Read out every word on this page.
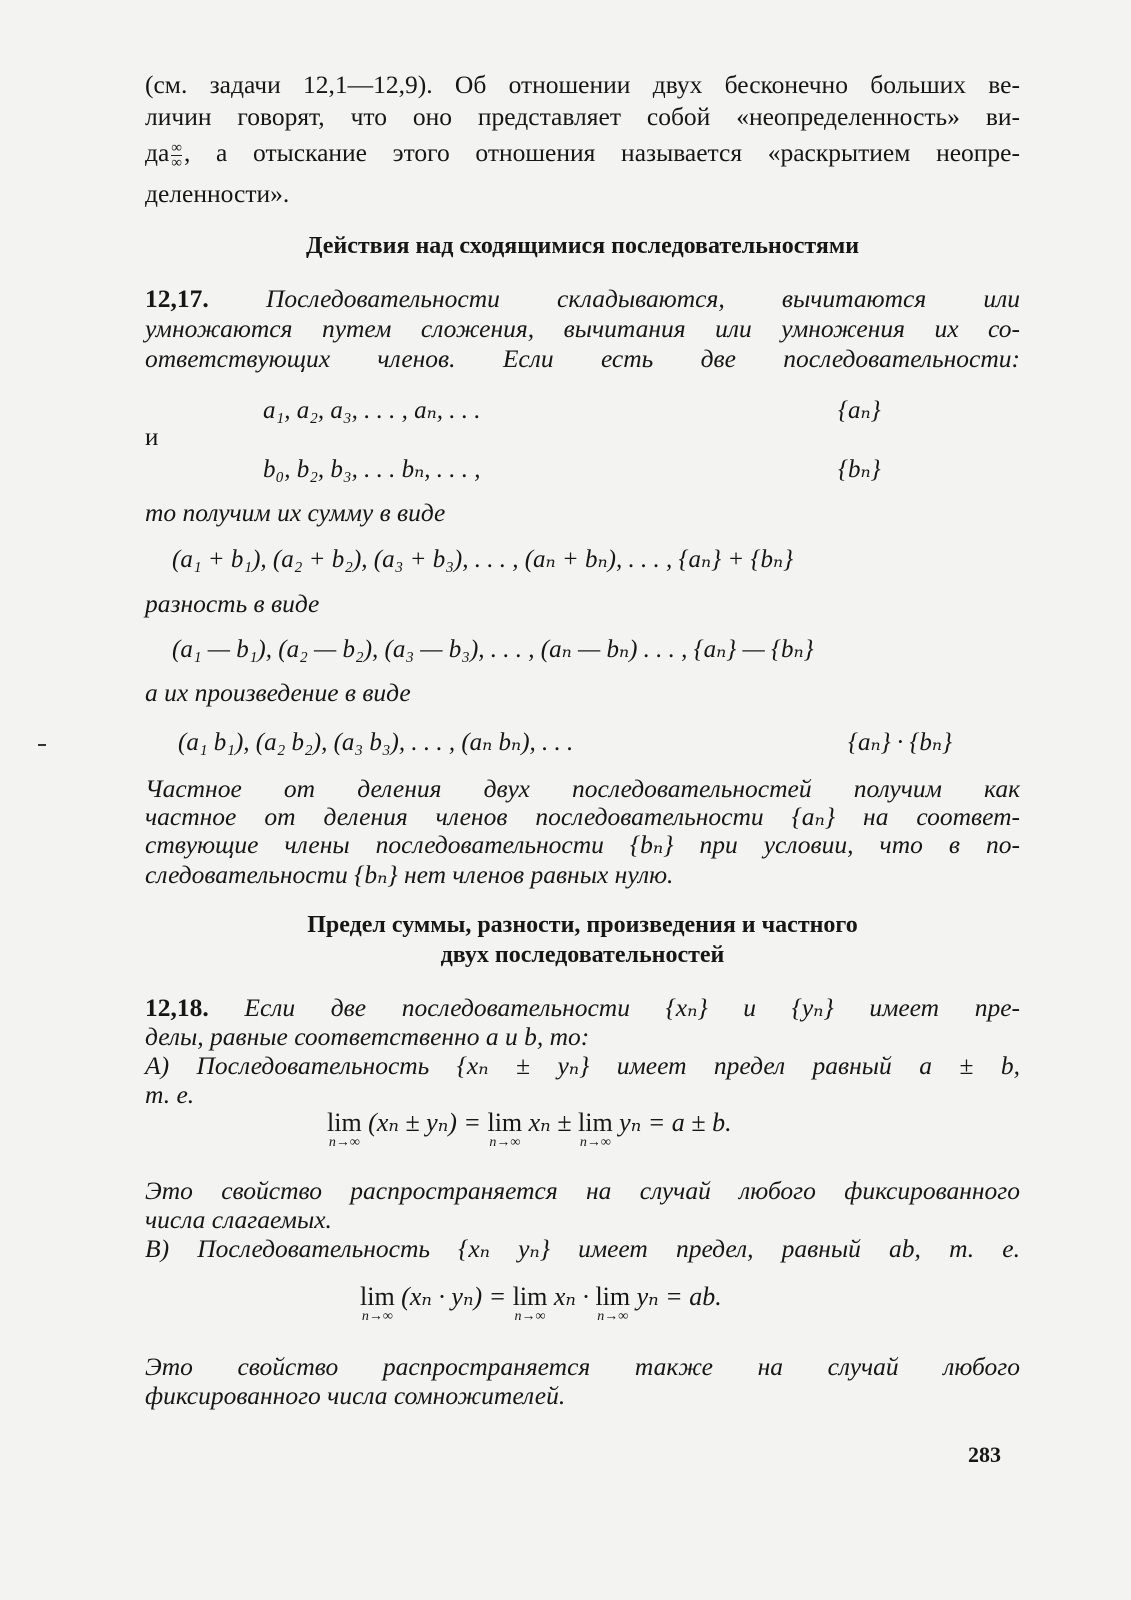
(см. задачи 12,1—12,9). Об отношении двух бесконечно больших ве-
личин говорят, что оно представляет собой «неопределенность» ви-
да $\frac{\infty}{\infty}$ , а отыскание этого отношения называется «раскрытием неопре-
деленности».
Действия над сходящимися последовательностями
12,17. Последовательности складываются, вычитаются или
умножаются путем сложения, вычитания или умножения их со-
ответствующих членов. Если есть две последовательности:
a₁, a₂, a₃, . . . , aₙ, . . .	{aₙ}
и
b₀, b₂, b₃, . . . bₙ, . . . ,	{bₙ}
то получим их сумму в виде
(a₁ + b₁), (a₂ + b₂), (a₃ + b₃), . . . , (aₙ + bₙ), . . . , {aₙ} + {bₙ}
разность в виде
(a₁ — b₁), (a₂ — b₂), (a₃ — b₃), . . . , (aₙ — bₙ) . . . , {aₙ} — {bₙ}
а их произведение в виде
(a₁ b₁), (a₂ b₂), (a₃ b₃), . . . , (aₙ bₙ), . . .	{aₙ} · {bₙ}
Частное от деления двух последовательностей получим как
частное от деления членов последовательности {aₙ} на соответ-
ствующие члены последовательности {bₙ} при условии, что в по-
следовательности {bₙ} нет членов равных нулю.
Предел суммы, разности, произведения и частного
двух последовательностей
12,18. Если две последовательности {xₙ} и {yₙ} имеет пре-
делы, равные соответственно a и b, то:
А) Последовательность {xₙ ± yₙ} имеет предел равный a ± b,
т. е.
lim
n→∞
(xₙ ± yₙ) = lim
n→∞
xₙ ± lim
n→∞
yₙ = a ± b.
Это свойство распространяется на случай любого фиксированного
числа слагаемых.
В) Последовательность {xₙ yₙ} имеет предел, равный ab, т. е.
lim
n→∞
(xₙ · yₙ) = lim
n→∞
xₙ · lim
n→∞
yₙ = ab.
Это свойство распространяется также на случай любого
фиксированного числа сомножителей.
283
